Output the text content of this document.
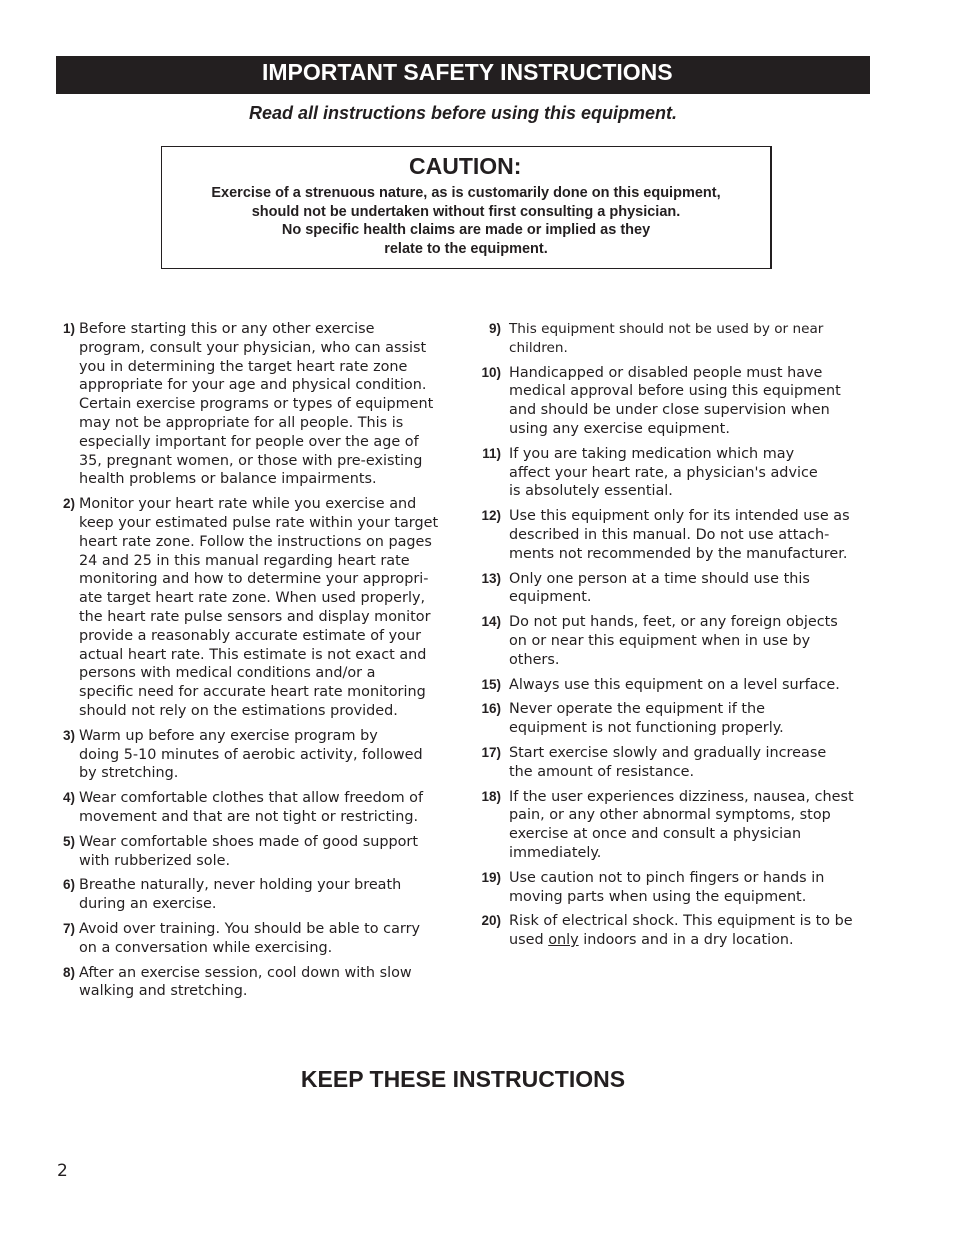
IMPORTANT SAFETY INSTRUCTIONS
Read all instructions before using this equipment.
CAUTION:
Exercise of a strenuous nature, as is customarily done on this equipment,
should not be undertaken without first consulting a physician.
No specific health claims are made or implied as they
relate to the equipment.
1) Before starting this or any other exercise
program, consult your physician, who can assist
you in determining the target heart rate zone
appropriate for your age and physical condition.
Certain exercise programs or types of equipment
may not be appropriate for all people. This is
especially important for people over the age of
35, pregnant women, or those with pre-existing
health problems or balance impairments.
2) Monitor your heart rate while you exercise and
keep your estimated pulse rate within your target
heart rate zone. Follow the instructions on pages
24 and 25 in this manual regarding heart rate
monitoring and how to determine your appropri-
ate target heart rate zone. When used properly,
the heart rate pulse sensors and display monitor
provide a reasonably accurate estimate of your
actual heart rate. This estimate is not exact and
persons with medical conditions and/or a
specific need for accurate heart rate monitoring
should not rely on the estimations provided.
3) Warm up before any exercise program by
doing 5-10 minutes of aerobic activity, followed
by stretching.
4) Wear comfortable clothes that allow freedom of
movement and that are not tight or restricting.
5) Wear comfortable shoes made of good support
with rubberized sole.
6) Breathe naturally, never holding your breath
during an exercise.
7) Avoid over training. You should be able to carry
on a conversation while exercising.
8) After an exercise session, cool down with slow
walking and stretching.
9) This equipment should not be used by or near
children.
10) Handicapped or disabled people must have
medical approval before using this equipment
and should be under close supervision when
using any exercise equipment.
11) If you are taking medication which may
affect your heart rate, a physician's advice
is absolutely essential.
12) Use this equipment only for its intended use as
described in this manual. Do not use attach-
ments not recommended by the manufacturer.
13) Only one person at a time should use this
equipment.
14) Do not put hands, feet, or any foreign objects
on or near this equipment when in use by
others.
15) Always use this equipment on a level surface.
16) Never operate the equipment if the
equipment is not functioning properly.
17) Start exercise slowly and gradually increase
the amount of resistance.
18) If the user experiences dizziness, nausea, chest
pain, or any other abnormal symptoms, stop
exercise at once and consult a physician
immediately.
19) Use caution not to pinch fingers or hands in
moving parts when using the equipment.
20) Risk of electrical shock. This equipment is to be
used only indoors and in a dry location.
KEEP THESE INSTRUCTIONS
2
